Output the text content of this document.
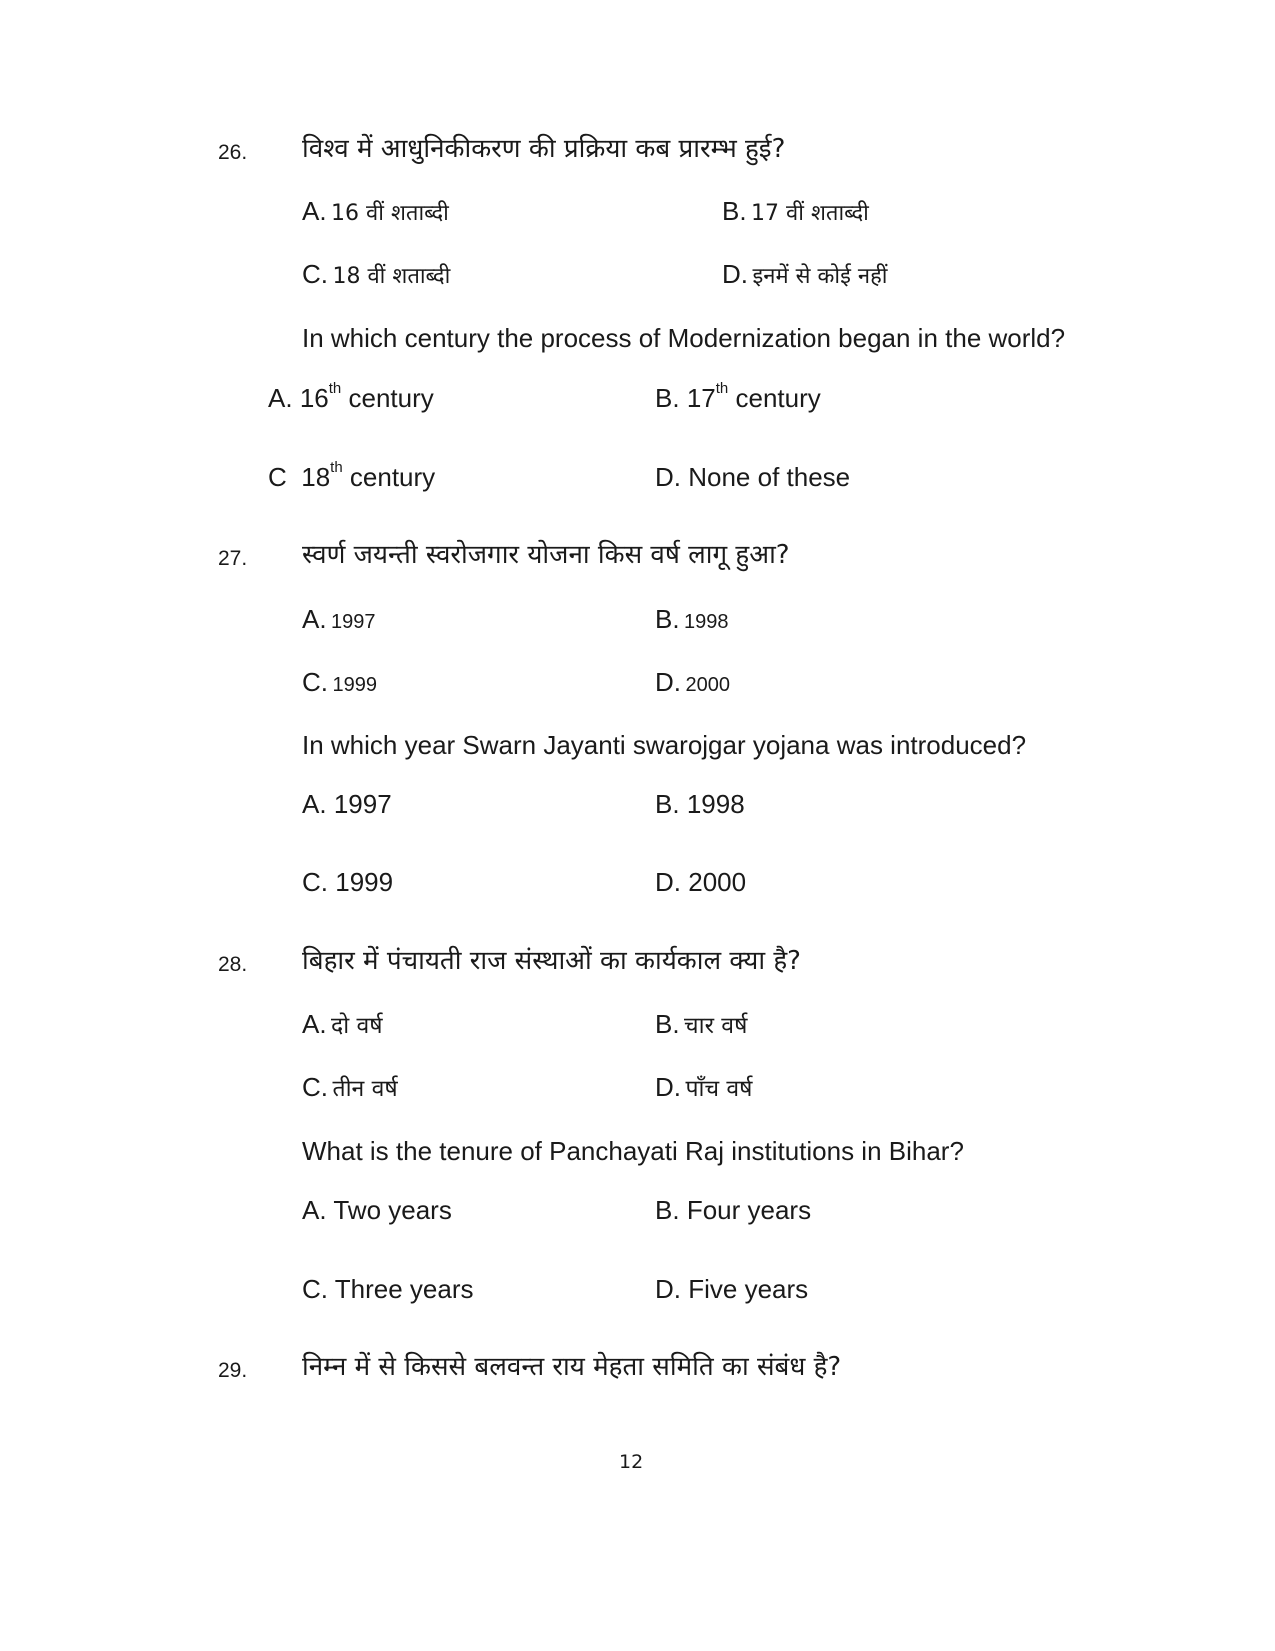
26. विश्व में आधुनिकीकरण की प्रक्रिया कब प्रारम्भ हुई?
A. 16 वीं शताब्दी	B. 17 वीं शताब्दी
C. 18 वीं शताब्दी	D. इनमें से कोई नहीं
In which century the process of Modernization began in the world?
A. 16th century	B. 17th century
C 18th century	D. None of these
27. स्वर्ण जयन्ती स्वरोजगार योजना किस वर्ष लागू हुआ?
A. 1997	B. 1998
C. 1999	D. 2000
In which year Swarn Jayanti swarojgar yojana was introduced?
A. 1997	B. 1998
C. 1999	D. 2000
28. बिहार में पंचायती राज संस्थाओं का कार्यकाल क्या है?
A. दो वर्ष	B. चार वर्ष
C. तीन वर्ष	D. पाँच वर्ष
What is the tenure of Panchayati Raj institutions in Bihar?
A. Two years	B. Four years
C. Three years	D. Five years
29. निम्न में से किससे बलवन्त राय मेहता समिति का संबंध है?
12
